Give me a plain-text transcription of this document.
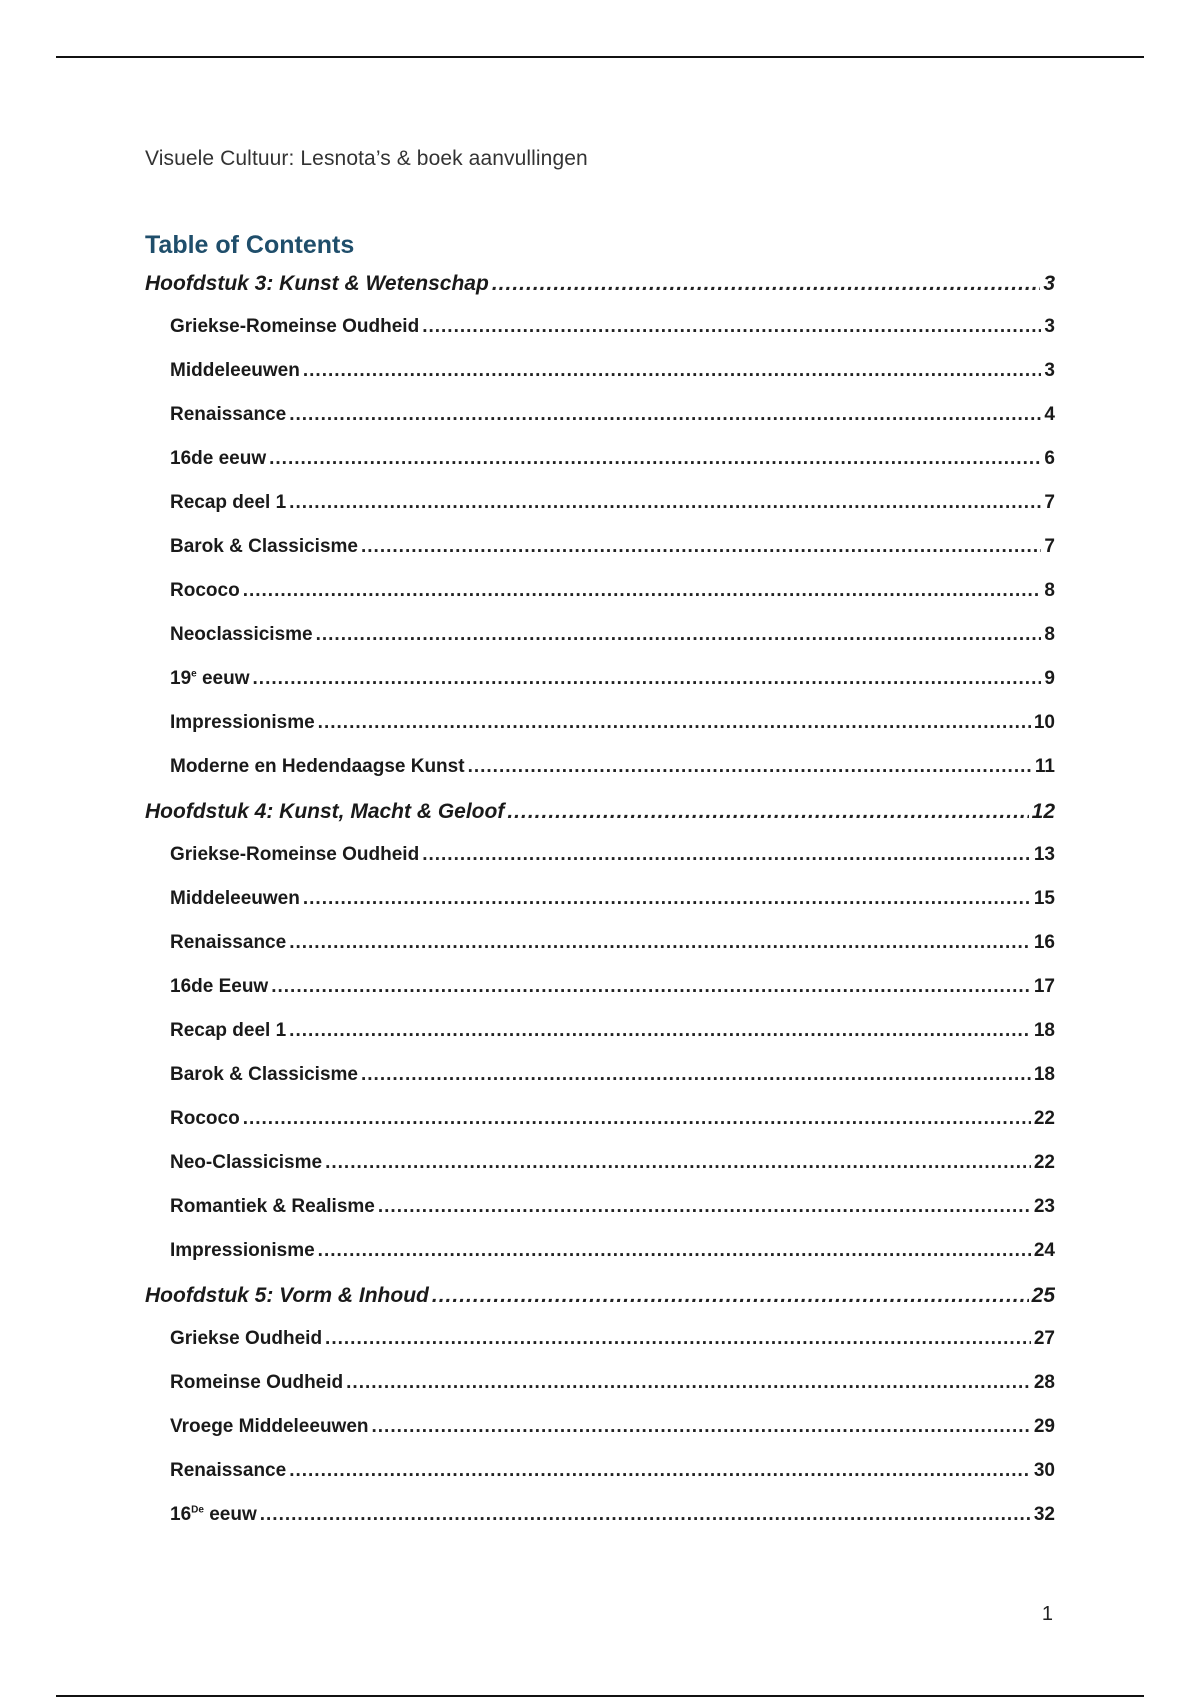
Visuele Cultuur: Lesnota’s & boek aanvullingen
Table of Contents
Hoofdstuk 3: Kunst & Wetenschap .....	3
Griekse-Romeinse Oudheid .....	3
Middeleeuwen .....	3
Renaissance .....	4
16de eeuw .....	6
Recap deel 1 .....	7
Barok & Classicisme .....	7
Rococo .....	8
Neoclassicisme .....	8
19e eeuw .....	9
Impressionisme .....	10
Moderne en Hedendaagse Kunst .....	11
Hoofdstuk 4: Kunst, Macht & Geloof .....	12
Griekse-Romeinse Oudheid .....	13
Middeleeuwen .....	15
Renaissance .....	16
16de Eeuw .....	17
Recap deel 1 .....	18
Barok & Classicisme .....	18
Rococo .....	22
Neo-Classicisme .....	22
Romantiek & Realisme .....	23
Impressionisme .....	24
Hoofdstuk 5: Vorm & Inhoud .....	25
Griekse Oudheid .....	27
Romeinse Oudheid .....	28
Vroege Middeleeuwen .....	29
Renaissance .....	30
16De eeuw .....	32
1
